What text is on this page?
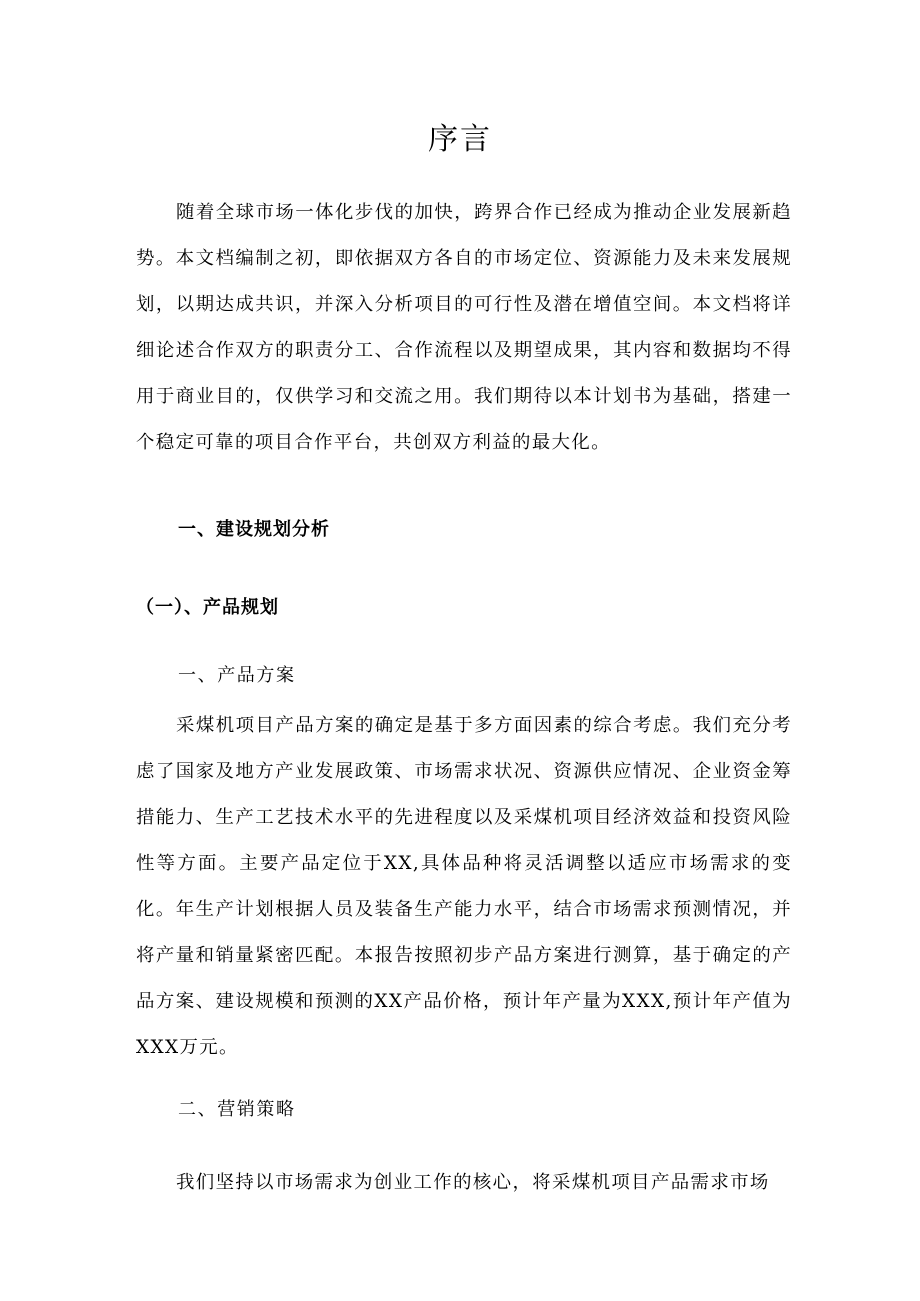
序言

随着全球市场一体化步伐的加快，跨界合作已经成为推动企业发展新趋势。本文档编制之初，即依据双方各自的市场定位、资源能力及未来发展规划，以期达成共识，并深入分析项目的可行性及潜在增值空间。本文档将详细论述合作双方的职责分工、合作流程以及期望成果，其内容和数据均不得用于商业目的，仅供学习和交流之用。我们期待以本计划书为基础，搭建一个稳定可靠的项目合作平台，共创双方利益的最大化。

一、建设规划分析

（一）、产品规划

一、产品方案

采煤机项目产品方案的确定是基于多方面因素的综合考虑。我们充分考虑了国家及地方产业发展政策、市场需求状况、资源供应情况、企业资金筹措能力、生产工艺技术水平的先进程度以及采煤机项目经济效益和投资风险性等方面。主要产品定位于XX,具体品种将灵活调整以适应市场需求的变化。年生产计划根据人员及装备生产能力水平，结合市场需求预测情况，并将产量和销量紧密匹配。本报告按照初步产品方案进行测算，基于确定的产品方案、建设规模和预测的XX产品价格，预计年产量为XXX,预计年产值为XXX万元。

二、营销策略

我们坚持以市场需求为创业工作的核心，将采煤机项目产品需求市场
